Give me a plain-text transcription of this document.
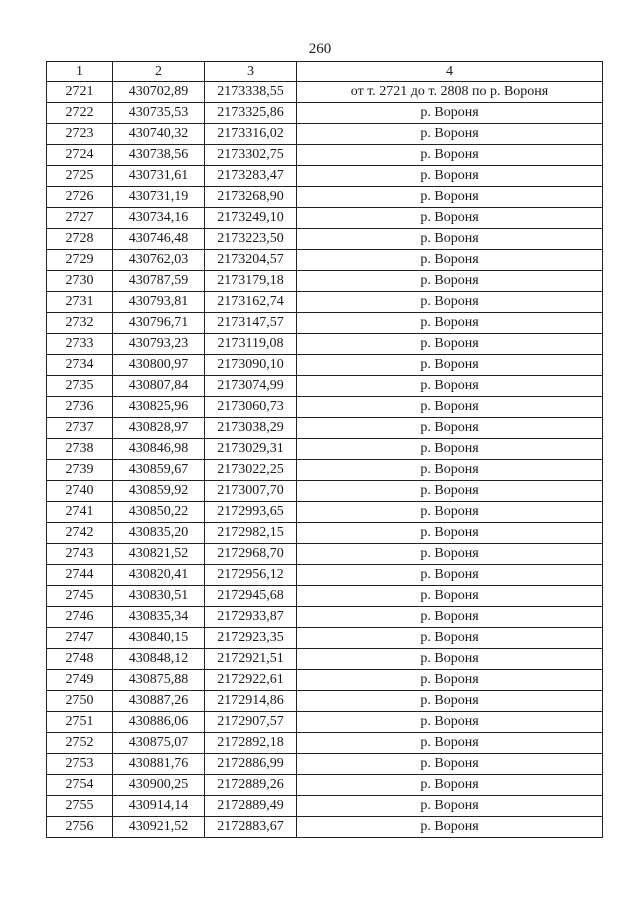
260
1	2	3	4
2721	430702,89	2173338,55	от т. 2721 до т. 2808 по р. Вороня
2722	430735,53	2173325,86	р. Вороня
2723	430740,32	2173316,02	р. Вороня
2724	430738,56	2173302,75	р. Вороня
2725	430731,61	2173283,47	р. Вороня
2726	430731,19	2173268,90	р. Вороня
2727	430734,16	2173249,10	р. Вороня
2728	430746,48	2173223,50	р. Вороня
2729	430762,03	2173204,57	р. Вороня
2730	430787,59	2173179,18	р. Вороня
2731	430793,81	2173162,74	р. Вороня
2732	430796,71	2173147,57	р. Вороня
2733	430793,23	2173119,08	р. Вороня
2734	430800,97	2173090,10	р. Вороня
2735	430807,84	2173074,99	р. Вороня
2736	430825,96	2173060,73	р. Вороня
2737	430828,97	2173038,29	р. Вороня
2738	430846,98	2173029,31	р. Вороня
2739	430859,67	2173022,25	р. Вороня
2740	430859,92	2173007,70	р. Вороня
2741	430850,22	2172993,65	р. Вороня
2742	430835,20	2172982,15	р. Вороня
2743	430821,52	2172968,70	р. Вороня
2744	430820,41	2172956,12	р. Вороня
2745	430830,51	2172945,68	р. Вороня
2746	430835,34	2172933,87	р. Вороня
2747	430840,15	2172923,35	р. Вороня
2748	430848,12	2172921,51	р. Вороня
2749	430875,88	2172922,61	р. Вороня
2750	430887,26	2172914,86	р. Вороня
2751	430886,06	2172907,57	р. Вороня
2752	430875,07	2172892,18	р. Вороня
2753	430881,76	2172886,99	р. Вороня
2754	430900,25	2172889,26	р. Вороня
2755	430914,14	2172889,49	р. Вороня
2756	430921,52	2172883,67	р. Вороня
